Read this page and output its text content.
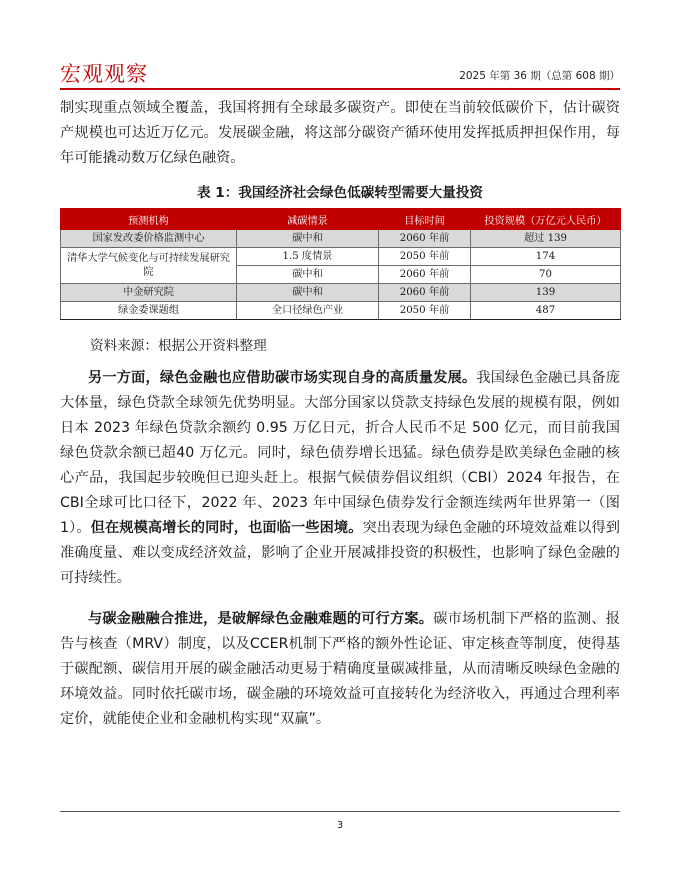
宏观观察	2025 年第 36 期（总第 608 期）

制实现重点领域全覆盖，我国将拥有全球最多碳资产。即使在当前较低碳价下，估计碳资产规模也可达近万亿元。发展碳金融，将这部分碳资产循环使用发挥抵质押担保作用，每年可能撬动数万亿绿色融资。

表 1：我国经济社会绿色低碳转型需要大量投资
预测机构	减碳情景	目标时间	投资规模（万亿元人民币）
国家发改委价格监测中心	碳中和	2060 年前	超过 139
清华大学气候变化与可持续发展研究院	1.5 度情景	2050 年前	174
	碳中和	2060 年前	70
中金研究院	碳中和	2060 年前	139
绿金委课题组	全口径绿色产业	2050 年前	487
资料来源：根据公开资料整理

另一方面，绿色金融也应借助碳市场实现自身的高质量发展。我国绿色金融已具备庞大体量，绿色贷款全球领先优势明显。大部分国家以贷款支持绿色发展的规模有限，例如日本 2023 年绿色贷款余额约 0.95 万亿日元，折合人民币不足 500 亿元，而目前我国绿色贷款余额已超40 万亿元。同时，绿色债券增长迅猛。绿色债券是欧美绿色金融的核心产品，我国起步较晚但已迎头赶上。根据气候债券倡议组织（CBI）2024 年报告，在CBI全球可比口径下，2022 年、2023 年中国绿色债券发行金额连续两年世界第一（图 1）。但在规模高增长的同时，也面临一些困境。突出表现为绿色金融的环境效益难以得到准确度量、难以变成经济效益，影响了企业开展减排投资的积极性，也影响了绿色金融的可持续性。

与碳金融融合推进，是破解绿色金融难题的可行方案。碳市场机制下严格的监测、报告与核查（MRV）制度，以及CCER机制下严格的额外性论证、审定核查等制度，使得基于碳配额、碳信用开展的碳金融活动更易于精确度量碳减排量，从而清晰反映绿色金融的环境效益。同时依托碳市场，碳金融的环境效益可直接转化为经济收入，再通过合理利率定价，就能使企业和金融机构实现“双赢”。

3
